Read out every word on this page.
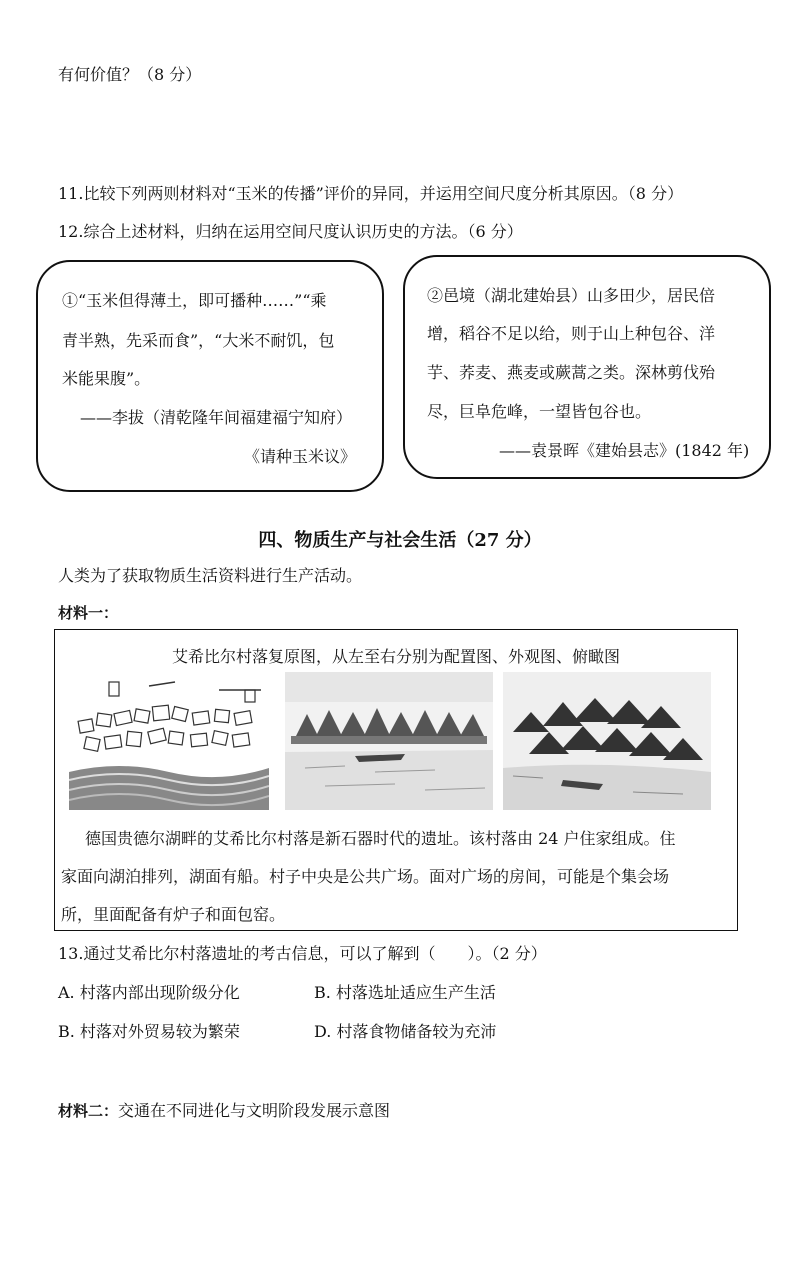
有何价值？（8 分）
11.比较下列两则材料对“玉米的传播”评价的异同，并运用空间尺度分析其原因。（8 分）
12.综合上述材料，归纳在运用空间尺度认识历史的方法。（6 分）

①“玉米但得薄土，即可播种……”“乘

青半熟，先采而食”，“大米不耐饥，包

米能果腹”。

——李拔（清乾隆年间福建福宁知府）

《请种玉米议》

②邑境（湖北建始县）山多田少，居民倍

增，稻谷不足以给，则于山上种包谷、洋

芋、荞麦、燕麦或蕨蒿之类。深林剪伐殆

尽，巨阜危峰，一望皆包谷也。

——袁景晖《建始县志》(1842 年)

四、物质生产与社会生活（27 分）
人类为了获取物质生活资料进行生产活动。
材料一：
艾希比尔村落复原图，从左至右分别为配置图、外观图、俯瞰图
德国贵德尔湖畔的艾希比尔村落是新石器时代的遗址。该村落由 24 户住家组成。住
家面向湖泊排列，湖面有船。村子中央是公共广场。面对广场的房间，可能是个集会场
所，里面配备有炉子和面包窑。
13.通过艾希比尔村落遗址的考古信息，可以了解到（　　）。（2 分）
A. 村落内部出现阶级分化	B. 村落选址适应生产生活
B. 村落对外贸易较为繁荣	D. 村落食物储备较为充沛
材料二：交通在不同进化与文明阶段发展示意图
